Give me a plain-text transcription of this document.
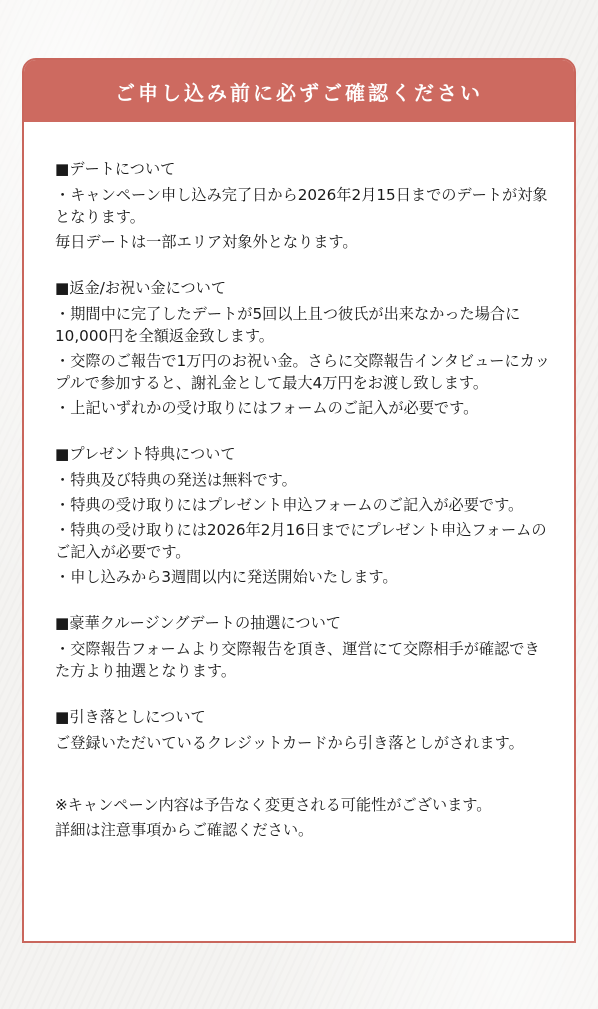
ご申し込み前に必ずご確認ください
■デートについて
・キャンペーン申し込み完了日から2026年2月15日までのデートが対象となります。
毎日デートは一部エリア対象外となります。
■返金/お祝い金について
・期間中に完了したデートが5回以上且つ彼氏が出来なかった場合に10,000円を全額返金致します。
・交際のご報告で1万円のお祝い金。さらに交際報告インタビューにカップルで参加すると、謝礼金として最大4万円をお渡し致します。
・上記いずれかの受け取りにはフォームのご記入が必要です。
■プレゼント特典について
・特典及び特典の発送は無料です。
・特典の受け取りにはプレゼント申込フォームのご記入が必要です。
・特典の受け取りには2026年2月16日までにプレゼント申込フォームのご記入が必要です。
・申し込みから3週間以内に発送開始いたします。
■豪華クルージングデートの抽選について
・交際報告フォームより交際報告を頂き、運営にて交際相手が確認できた方より抽選となります。
■引き落としについて
ご登録いただいているクレジットカードから引き落としがされます。
※キャンペーン内容は予告なく変更される可能性がございます。
詳細は注意事項からご確認ください。
